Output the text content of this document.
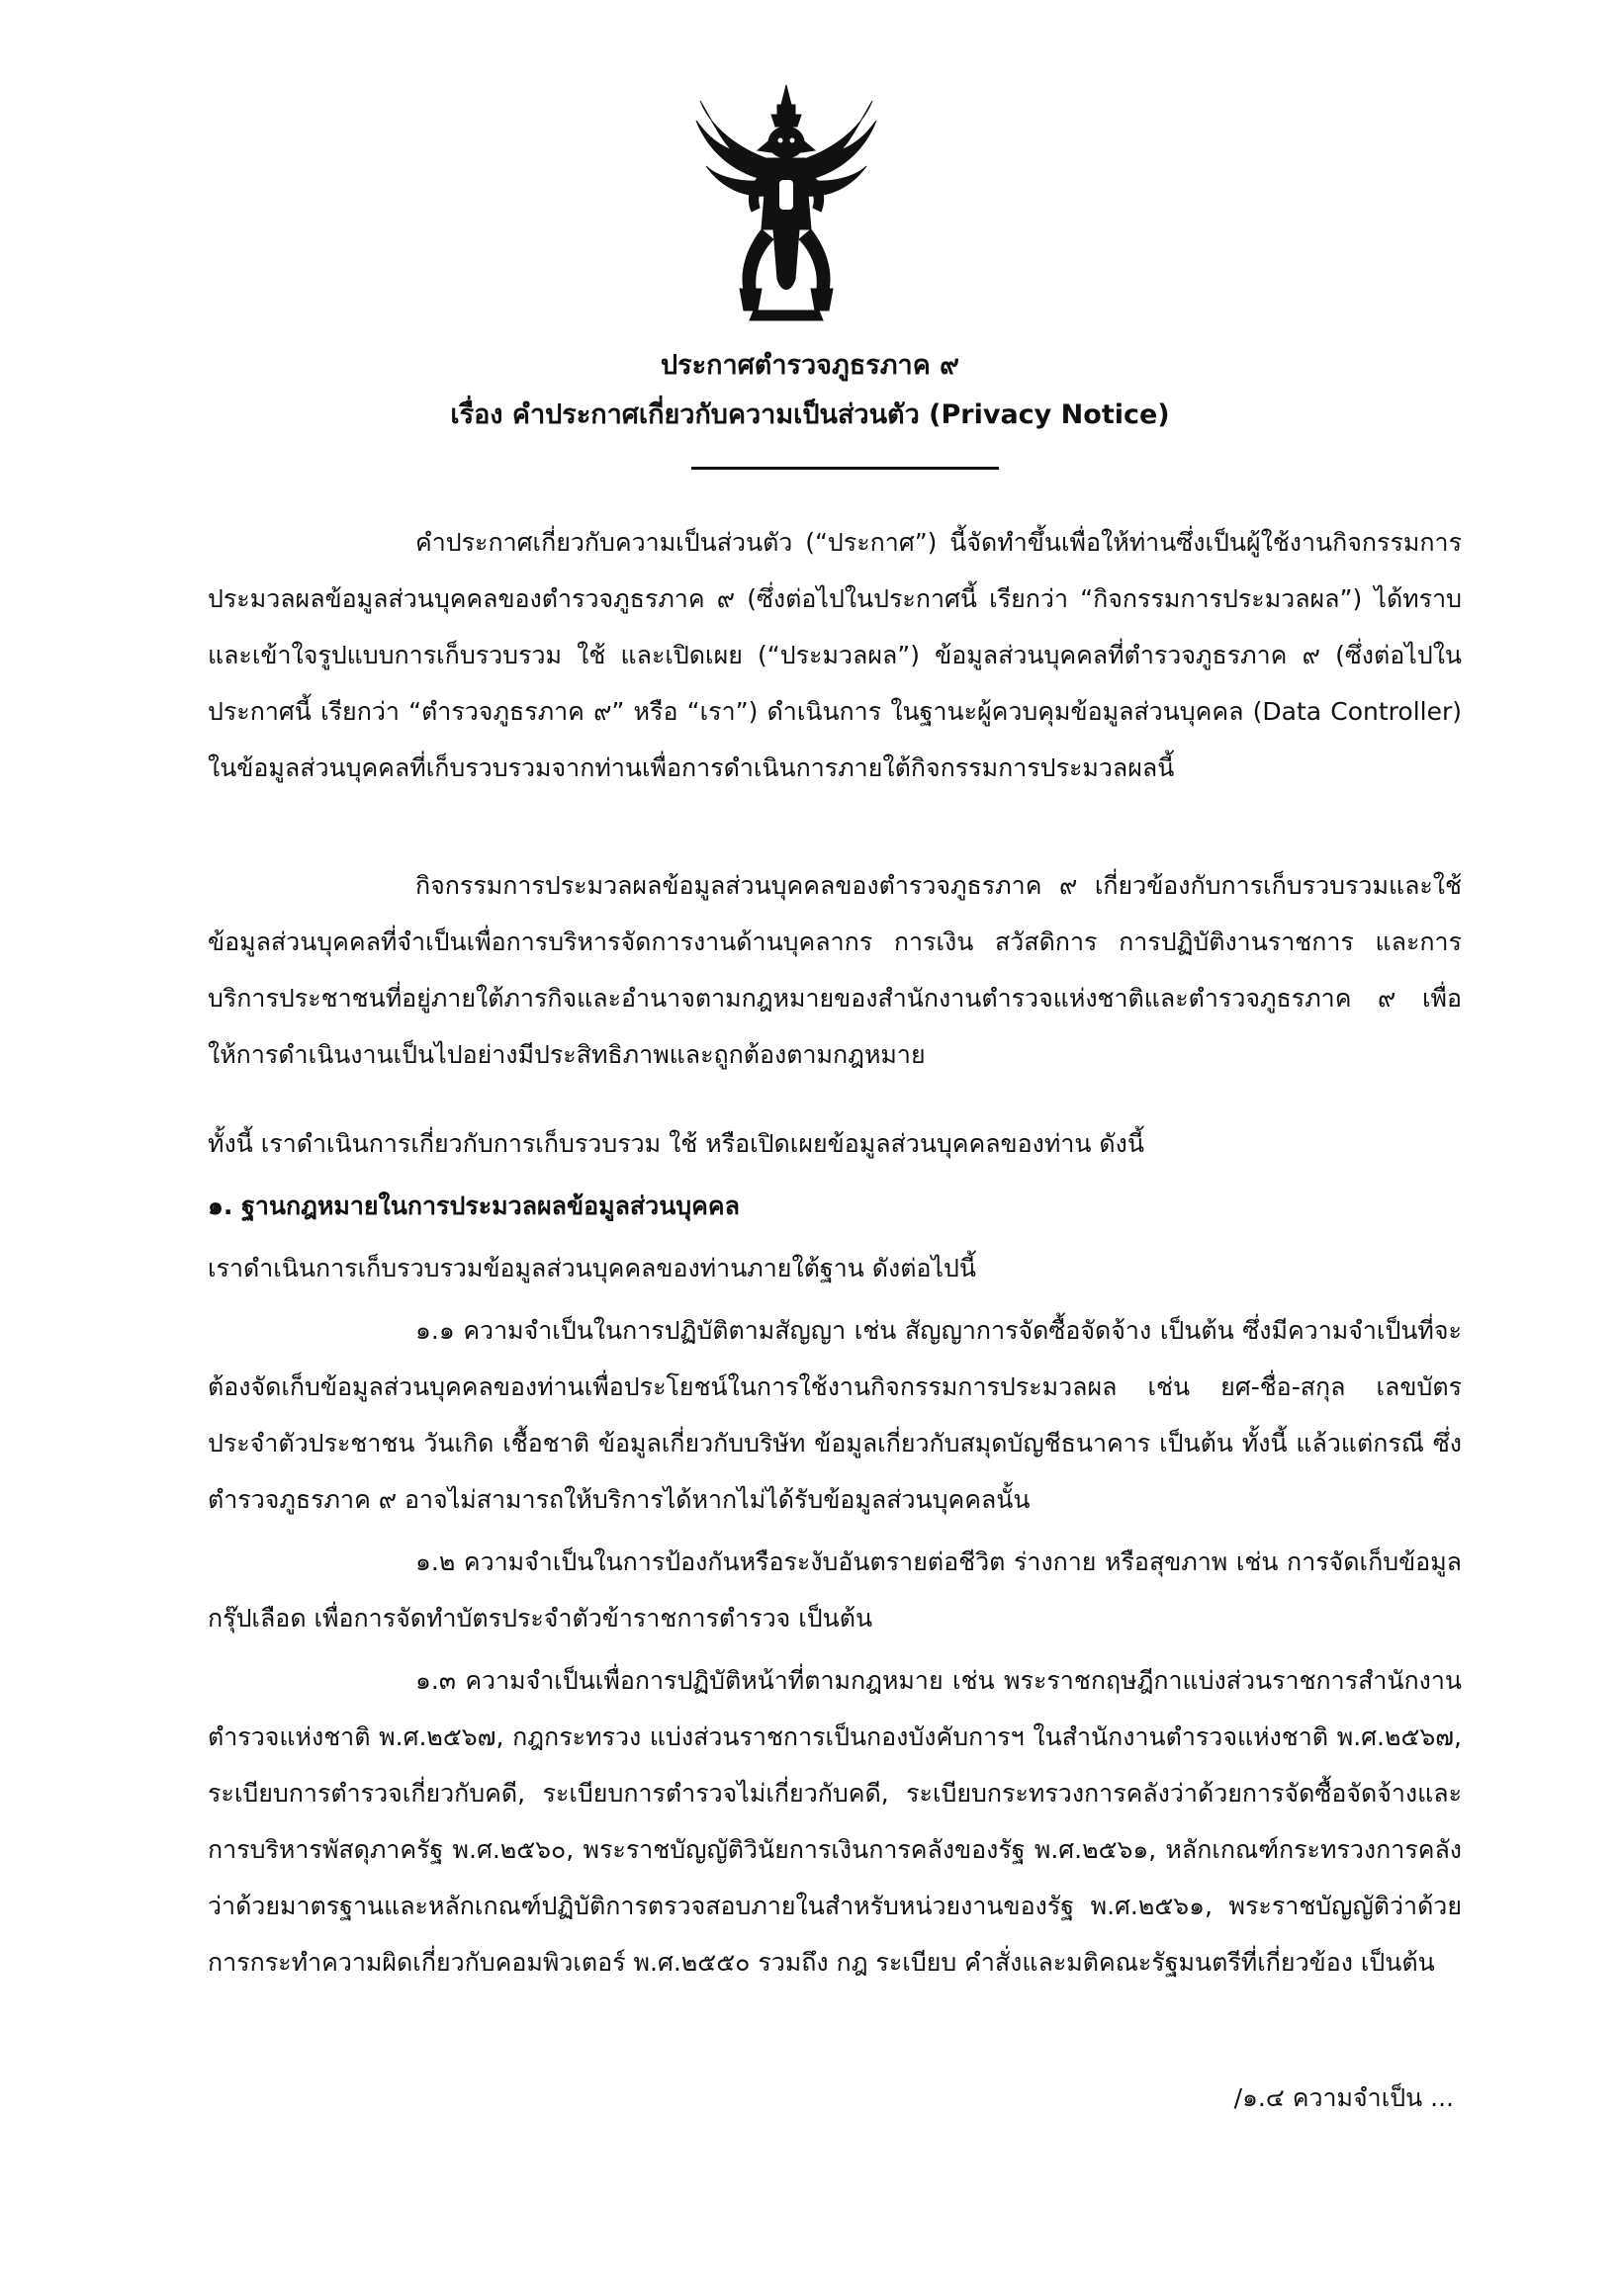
ประกาศตำรวจภูธรภาค ๙
เรื่อง คำประกาศเกี่ยวกับความเป็นส่วนตัว (Privacy Notice)

คำประกาศเกี่ยวกับความเป็นส่วนตัว (“ประกาศ”) นี้จัดทำขึ้นเพื่อให้ท่านซึ่งเป็นผู้ใช้งานกิจกรรมการประมวลผลข้อมูลส่วนบุคคลของตำรวจภูธรภาค ๙ (ซึ่งต่อไปในประกาศนี้ เรียกว่า “กิจกรรมการประมวลผล”) ได้ทราบและเข้าใจรูปแบบการเก็บรวบรวม ใช้ และเปิดเผย (“ประมวลผล”) ข้อมูลส่วนบุคคลที่ตำรวจภูธรภาค ๙ (ซึ่งต่อไปในประกาศนี้ เรียกว่า “ตำรวจภูธรภาค ๙” หรือ “เรา”) ดำเนินการ ในฐานะผู้ควบคุมข้อมูลส่วนบุคคล (Data Controller) ในข้อมูลส่วนบุคคลที่เก็บรวบรวมจากท่านเพื่อการดำเนินการภายใต้กิจกรรมการประมวลผลนี้

กิจกรรมการประมวลผลข้อมูลส่วนบุคคลของตำรวจภูธรภาค ๙ เกี่ยวข้องกับการเก็บรวบรวมและใช้ข้อมูลส่วนบุคคลที่จำเป็นเพื่อการบริหารจัดการงานด้านบุคลากร การเงิน สวัสดิการ การปฏิบัติงานราชการ และการบริการประชาชนที่อยู่ภายใต้ภารกิจและอำนาจตามกฎหมายของสำนักงานตำรวจแห่งชาติและตำรวจภูธรภาค ๙ เพื่อให้การดำเนินงานเป็นไปอย่างมีประสิทธิภาพและถูกต้องตามกฎหมาย

ทั้งนี้ เราดำเนินการเกี่ยวกับการเก็บรวบรวม ใช้ หรือเปิดเผยข้อมูลส่วนบุคคลของท่าน ดังนี้

๑. ฐานกฎหมายในการประมวลผลข้อมูลส่วนบุคคล

เราดำเนินการเก็บรวบรวมข้อมูลส่วนบุคคลของท่านภายใต้ฐาน ดังต่อไปนี้

๑.๑ ความจำเป็นในการปฏิบัติตามสัญญา เช่น สัญญาการจัดซื้อจัดจ้าง เป็นต้น ซึ่งมีความจำเป็นที่จะต้องจัดเก็บข้อมูลส่วนบุคคลของท่านเพื่อประโยชน์ในการใช้งานกิจกรรมการประมวลผล เช่น ยศ-ชื่อ-สกุล เลขบัตรประจำตัวประชาชน วันเกิด เชื้อชาติ ข้อมูลเกี่ยวกับบริษัท ข้อมูลเกี่ยวกับสมุดบัญชีธนาคาร เป็นต้น ทั้งนี้ แล้วแต่กรณี ซึ่งตำรวจภูธรภาค ๙ อาจไม่สามารถให้บริการได้หากไม่ได้รับข้อมูลส่วนบุคคลนั้น

๑.๒ ความจำเป็นในการป้องกันหรือระงับอันตรายต่อชีวิต ร่างกาย หรือสุขภาพ เช่น การจัดเก็บข้อมูลกรุ๊ปเลือด เพื่อการจัดทำบัตรประจำตัวข้าราชการตำรวจ เป็นต้น

๑.๓ ความจำเป็นเพื่อการปฏิบัติหน้าที่ตามกฎหมาย เช่น พระราชกฤษฎีกาแบ่งส่วนราชการสำนักงานตำรวจแห่งชาติ พ.ศ.๒๕๖๗, กฎกระทรวง แบ่งส่วนราชการเป็นกองบังคับการฯ ในสำนักงานตำรวจแห่งชาติ พ.ศ.๒๕๖๗, ระเบียบการตำรวจเกี่ยวกับคดี, ระเบียบการตำรวจไม่เกี่ยวกับคดี, ระเบียบกระทรวงการคลังว่าด้วยการจัดซื้อจัดจ้างและการบริหารพัสดุภาครัฐ พ.ศ.๒๕๖๐, พระราชบัญญัติวินัยการเงินการคลังของรัฐ พ.ศ.๒๕๖๑, หลักเกณฑ์กระทรวงการคลังว่าด้วยมาตรฐานและหลักเกณฑ์ปฏิบัติการตรวจสอบภายในสำหรับหน่วยงานของรัฐ พ.ศ.๒๕๖๑, พระราชบัญญัติว่าด้วยการกระทำความผิดเกี่ยวกับคอมพิวเตอร์ พ.ศ.๒๕๕๐ รวมถึง กฎ ระเบียบ คำสั่งและมติคณะรัฐมนตรีที่เกี่ยวข้อง เป็นต้น

/๑.๔ ความจำเป็น ...
